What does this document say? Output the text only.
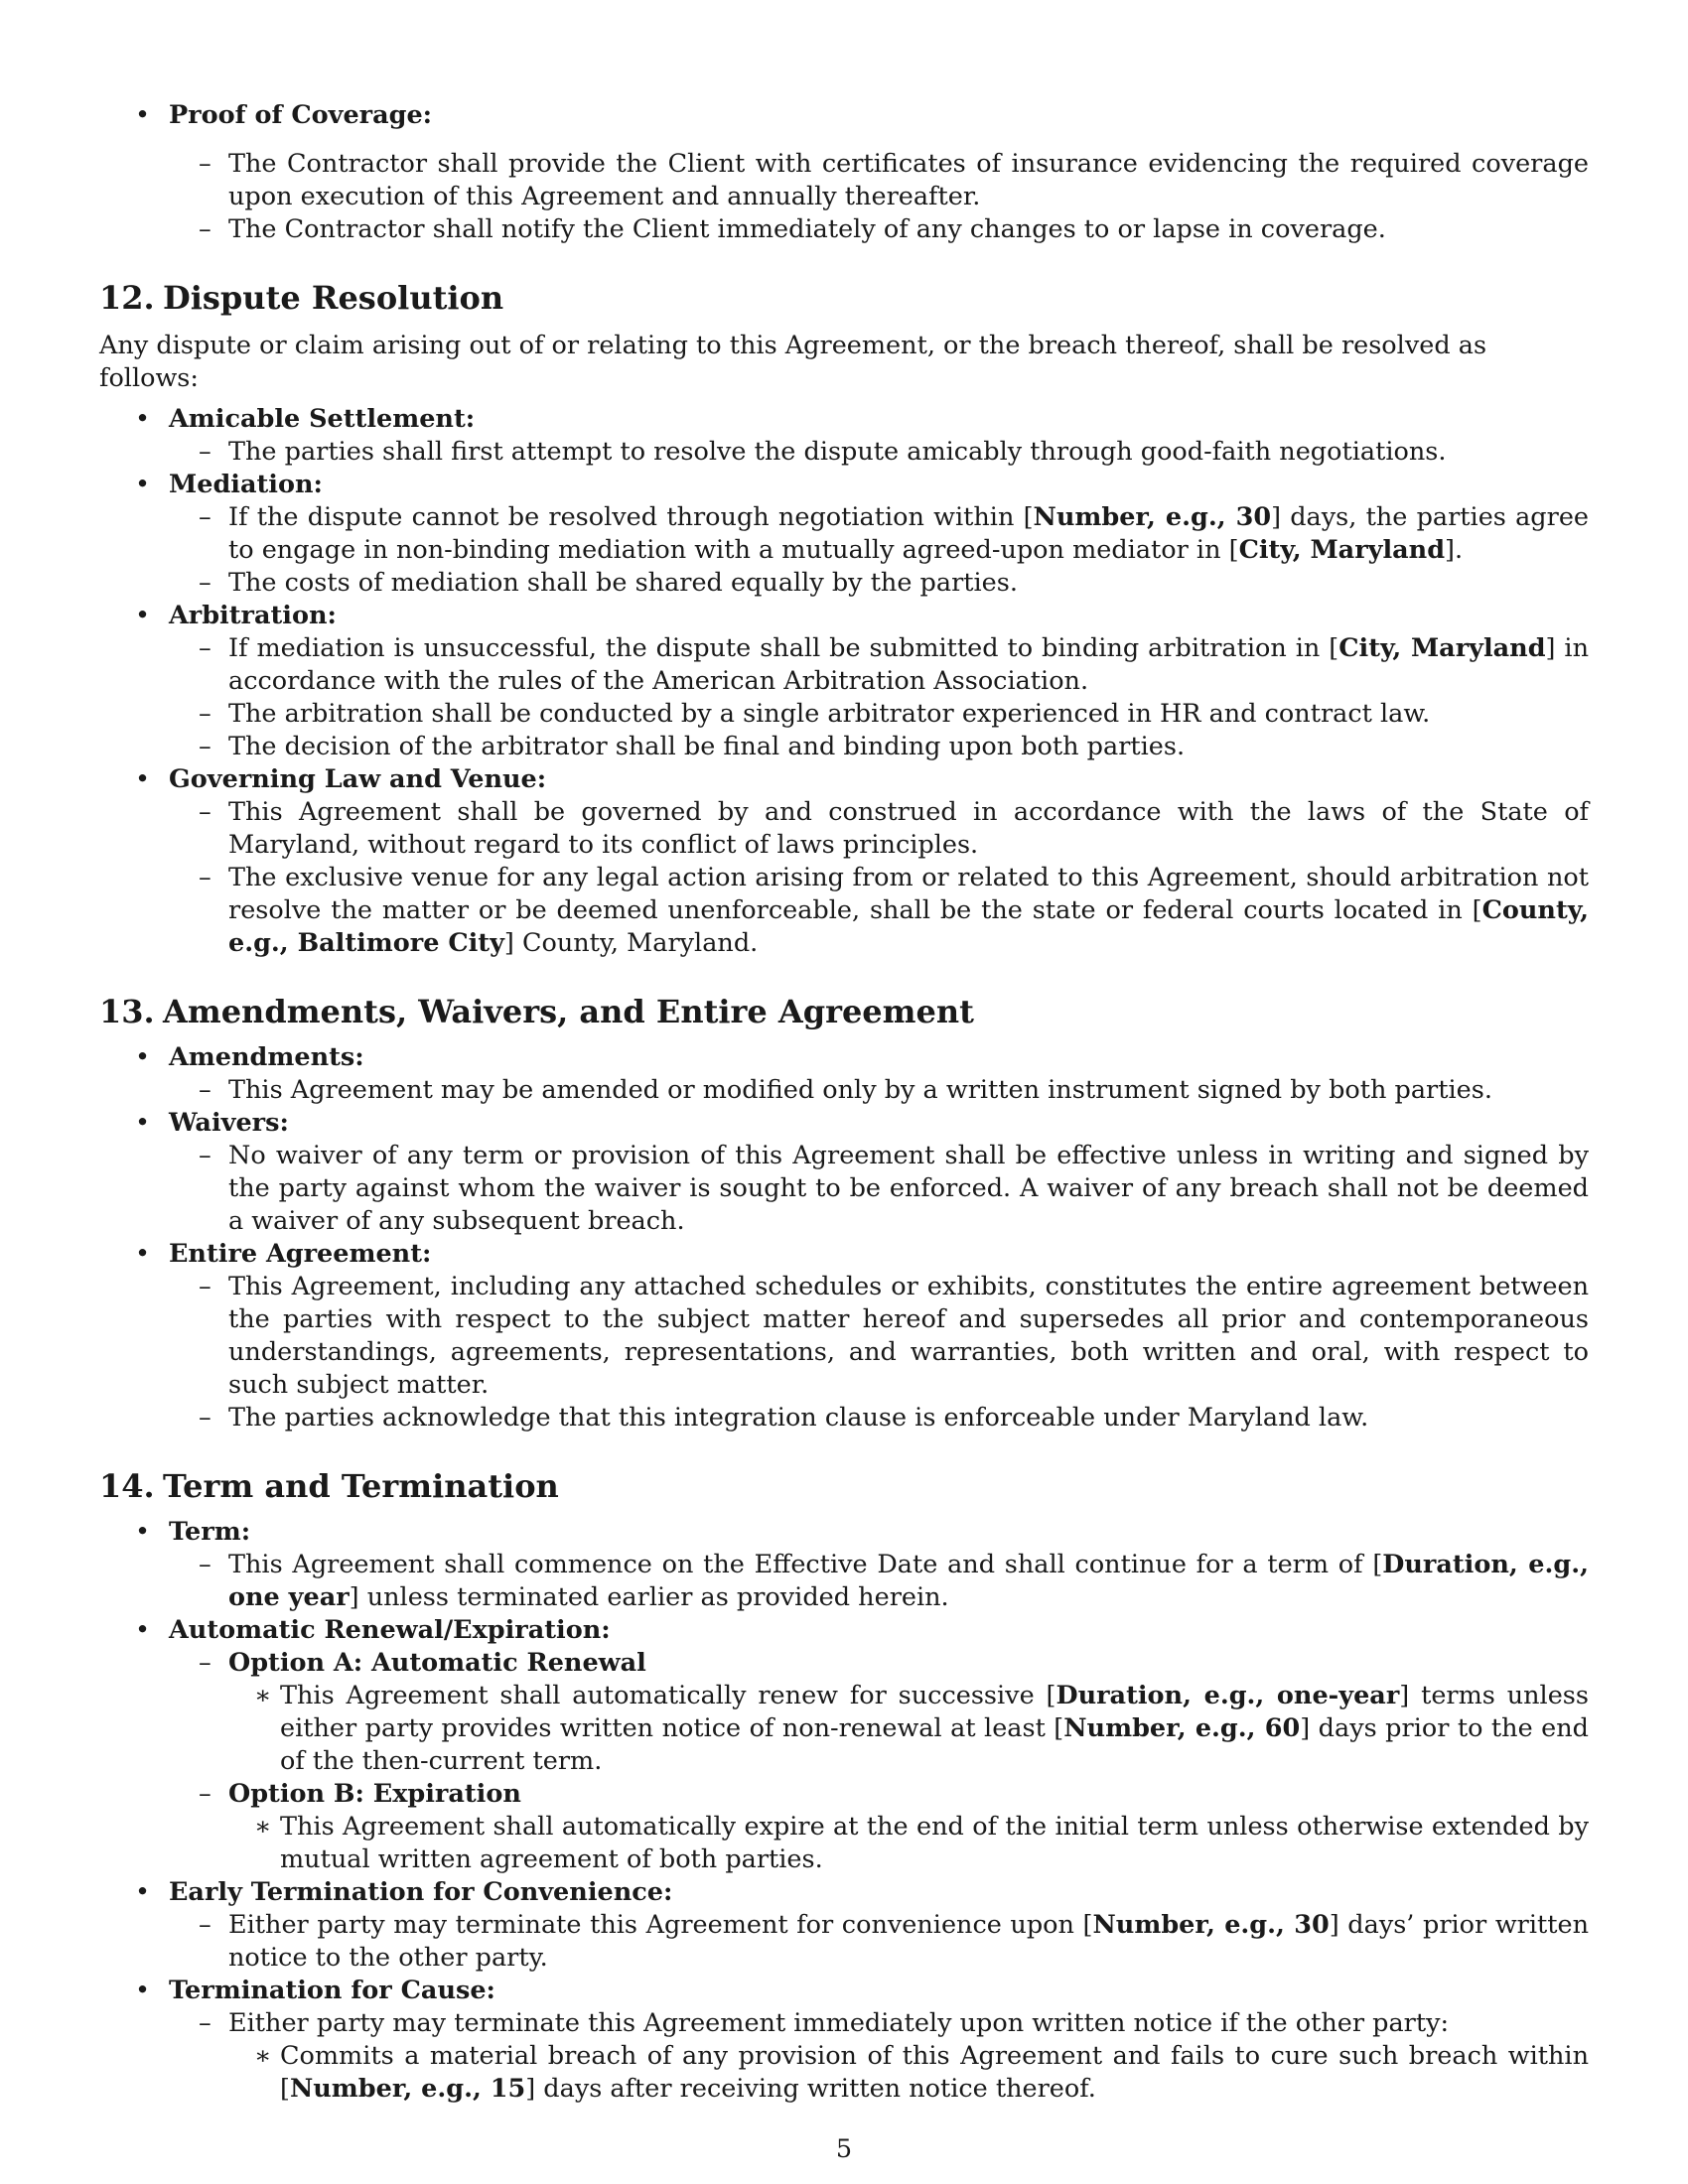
• Proof of Coverage:
– The Contractor shall provide the Client with certificates of insurance evidencing the required coverage upon execution of this Agreement and annually thereafter.
– The Contractor shall notify the Client immediately of any changes to or lapse in coverage.
12. Dispute Resolution

Any dispute or claim arising out of or relating to this Agreement, or the breach thereof, shall be resolved as follows:

• Amicable Settlement:
– The parties shall first attempt to resolve the dispute amicably through good-faith negotiations.
• Mediation:
– If the dispute cannot be resolved through negotiation within [Number, e.g., 30] days, the parties agree to engage in non-binding mediation with a mutually agreed-upon mediator in [City, Maryland].
– The costs of mediation shall be shared equally by the parties.
• Arbitration:
– If mediation is unsuccessful, the dispute shall be submitted to binding arbitration in [City, Maryland] in accordance with the rules of the American Arbitration Association.
– The arbitration shall be conducted by a single arbitrator experienced in HR and contract law.
– The decision of the arbitrator shall be final and binding upon both parties.
• Governing Law and Venue:
– This Agreement shall be governed by and construed in accordance with the laws of the State of Maryland, without regard to its conflict of laws principles.
– The exclusive venue for any legal action arising from or related to this Agreement, should arbitration not resolve the matter or be deemed unenforceable, shall be the state or federal courts located in [County, e.g., Baltimore City] County, Maryland.
13. Amendments, Waivers, and Entire Agreement
• Amendments:
– This Agreement may be amended or modified only by a written instrument signed by both parties.
• Waivers:
– No waiver of any term or provision of this Agreement shall be effective unless in writing and signed by the party against whom the waiver is sought to be enforced. A waiver of any breach shall not be deemed a waiver of any subsequent breach.
• Entire Agreement:
– This Agreement, including any attached schedules or exhibits, constitutes the entire agreement between the parties with respect to the subject matter hereof and supersedes all prior and contemporaneous understandings, agreements, representations, and warranties, both written and oral, with respect to such subject matter.
– The parties acknowledge that this integration clause is enforceable under Maryland law.
14. Term and Termination
• Term:
– This Agreement shall commence on the Effective Date and shall continue for a term of [Duration, e.g., one year] unless terminated earlier as provided herein.
• Automatic Renewal/Expiration:
– Option A: Automatic Renewal
∗ This Agreement shall automatically renew for successive [Duration, e.g., one-year] terms unless either party provides written notice of non-renewal at least [Number, e.g., 60] days prior to the end of the then-current term.
– Option B: Expiration
∗ This Agreement shall automatically expire at the end of the initial term unless otherwise extended by mutual written agreement of both parties.
• Early Termination for Convenience:
– Either party may terminate this Agreement for convenience upon [Number, e.g., 30] days’ prior written notice to the other party.
• Termination for Cause:
– Either party may terminate this Agreement immediately upon written notice if the other party:
∗ Commits a material breach of any provision of this Agreement and fails to cure such breach within [Number, e.g., 15] days after receiving written notice thereof.
5
